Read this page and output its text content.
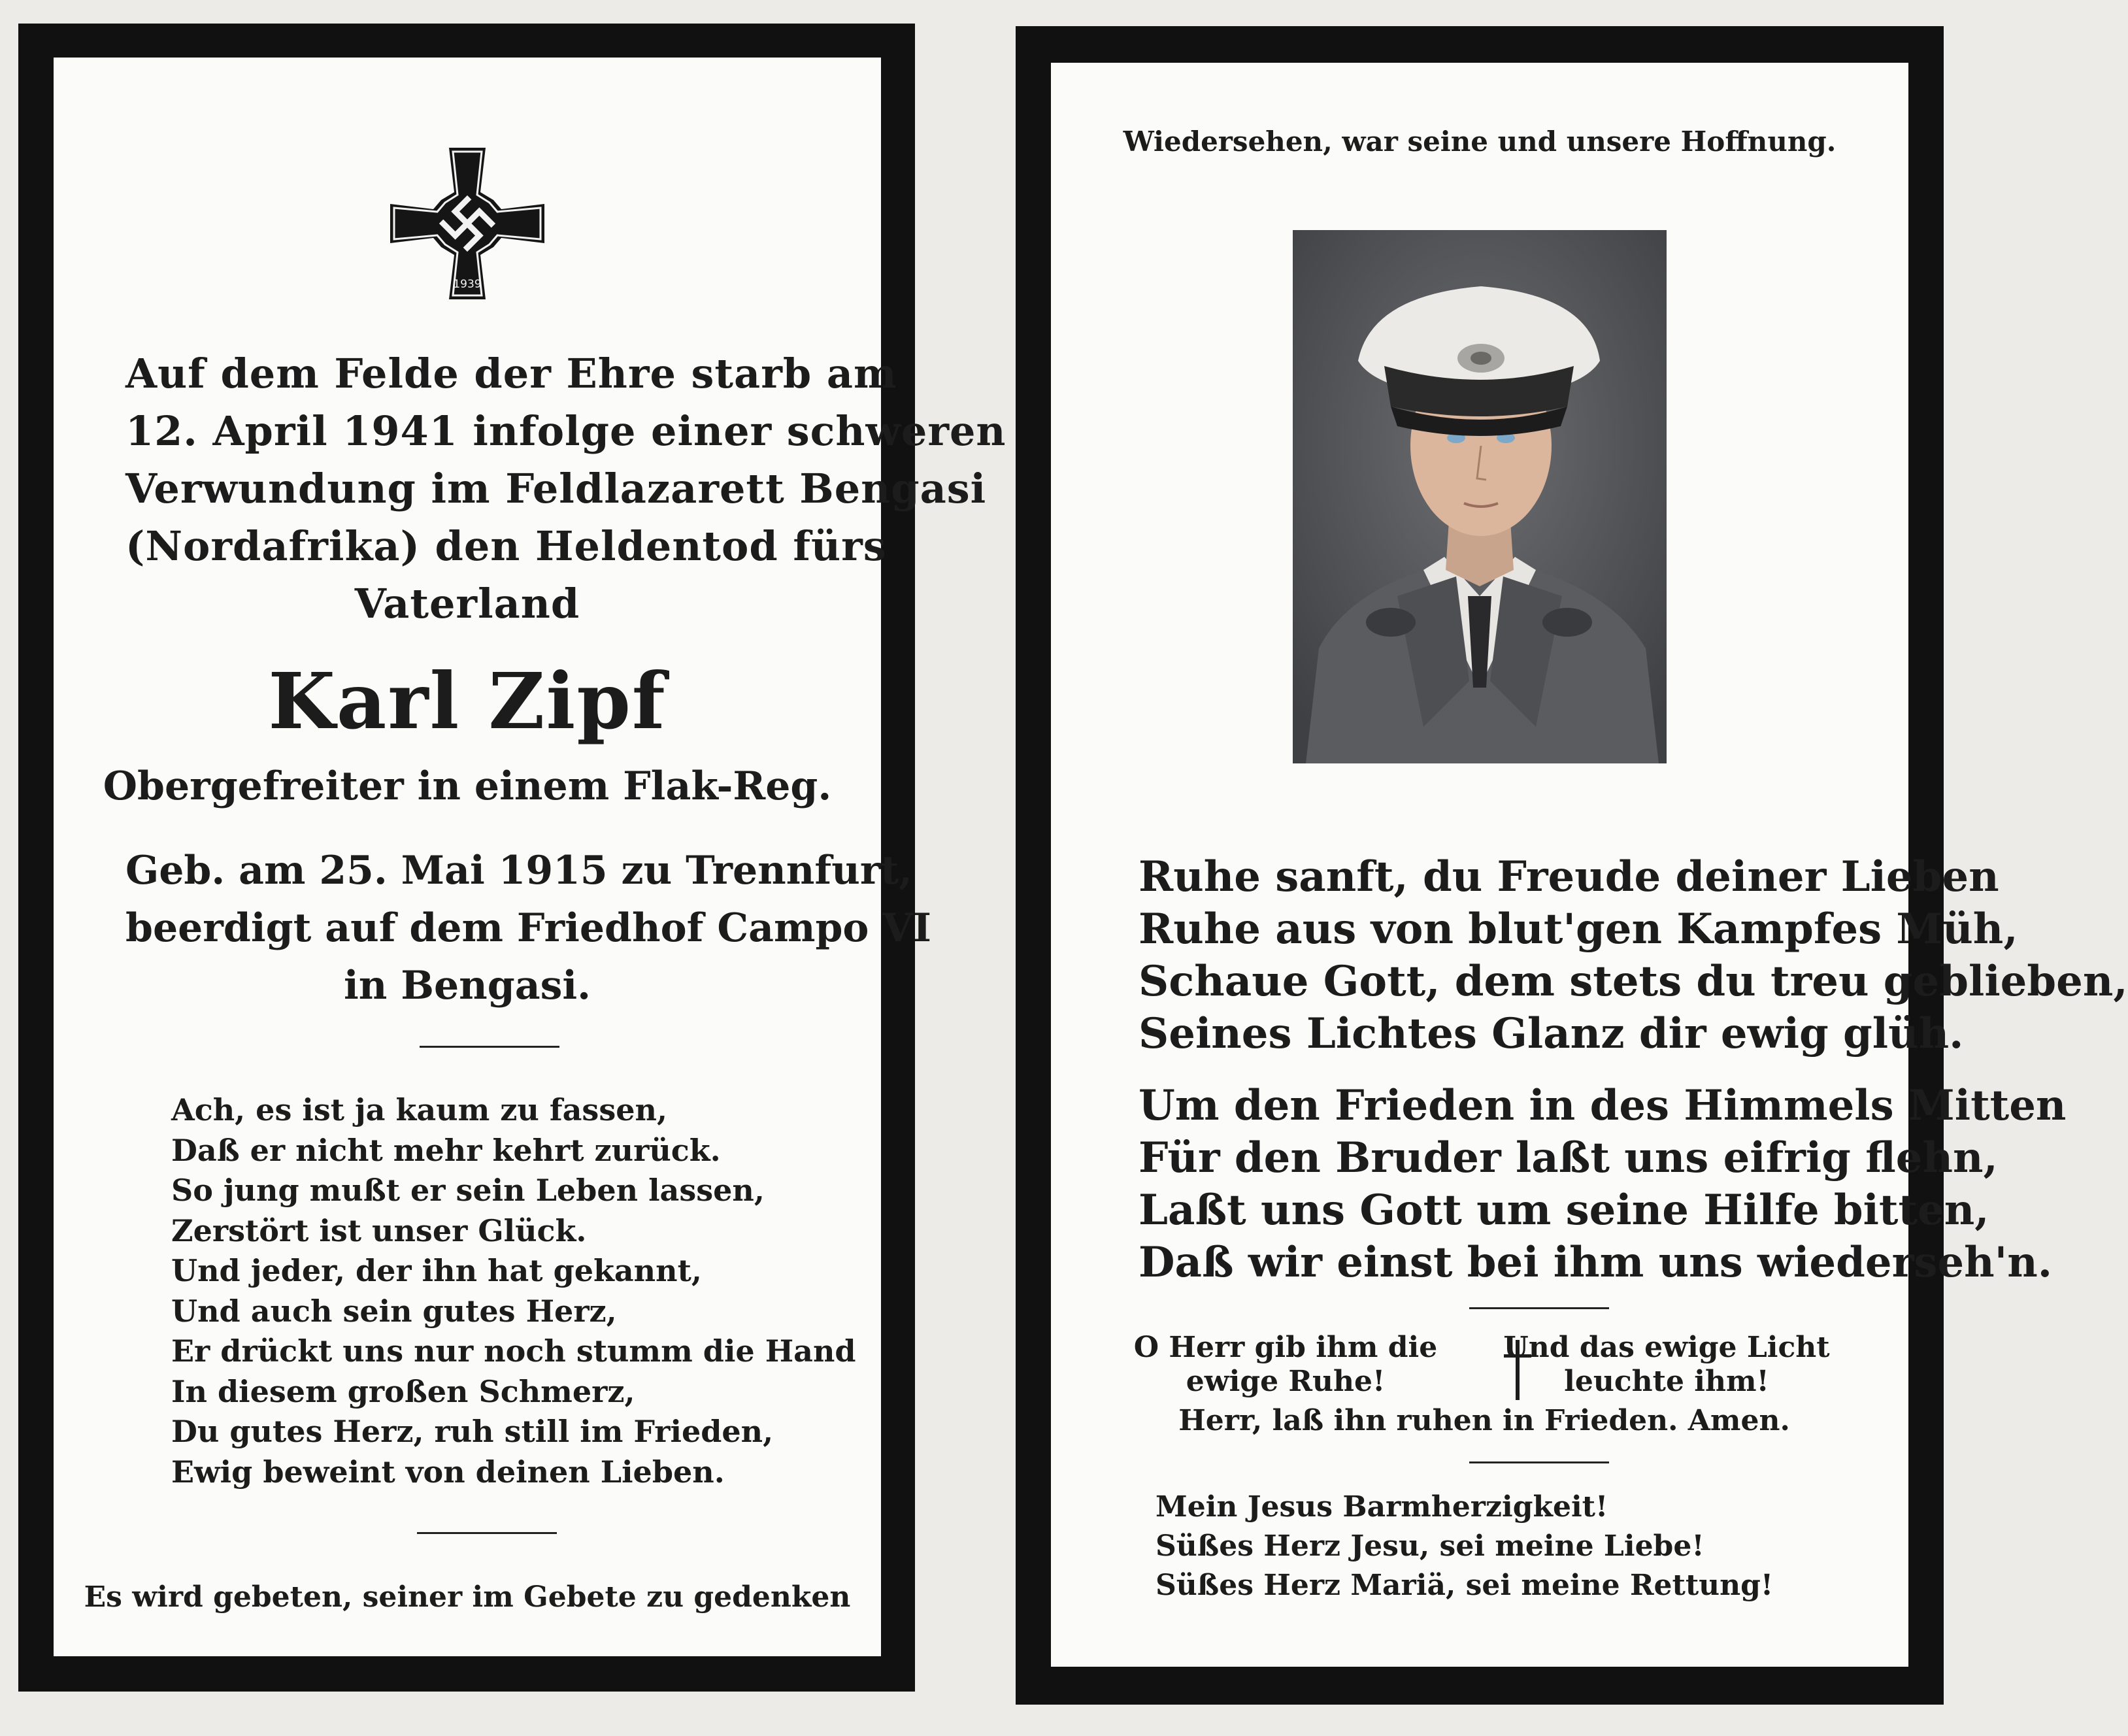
1939
Auf dem Felde der Ehre starb am
12. April 1941 infolge einer schweren
Verwundung im Feldlazarett Bengasi
(Nordafrika) den Heldentod fürs
Vaterland
Karl Zipf
Obergefreiter in einem Flak-Reg.
Geb. am 25. Mai 1915 zu Trennfurt,
beerdigt auf dem Friedhof Campo VI
in Bengasi.
Ach, es ist ja kaum zu fassen,
Daß er nicht mehr kehrt zurück.
So jung mußt er sein Leben lassen,
Zerstört ist unser Glück.
Und jeder, der ihn hat gekannt,
Und auch sein gutes Herz,
Er drückt uns nur noch stumm die Hand
In diesem großen Schmerz,
Du gutes Herz, ruh still im Frieden,
Ewig beweint von deinen Lieben.
Es wird gebeten, seiner im Gebete zu gedenken
Wiedersehen, war seine und unsere Hoffnung.
Ruhe sanft, du Freude deiner Lieben
Ruhe aus von blut'gen Kampfes Müh,
Schaue Gott, dem stets du treu geblieben,
Seines Lichtes Glanz dir ewig glüh.
Um den Frieden in des Himmels Mitten
Für den Bruder laßt uns eifrig flehn,
Laßt uns Gott um seine Hilfe bitten,
Daß wir einst bei ihm uns wiederseh'n.
O Herr gib ihm die
ewige Ruhe!
Und das ewige Licht
leuchte ihm!
Herr, laß ihn ruhen in Frieden. Amen.
Mein Jesus Barmherzigkeit!
Süßes Herz Jesu, sei meine Liebe!
Süßes Herz Mariä, sei meine Rettung!
